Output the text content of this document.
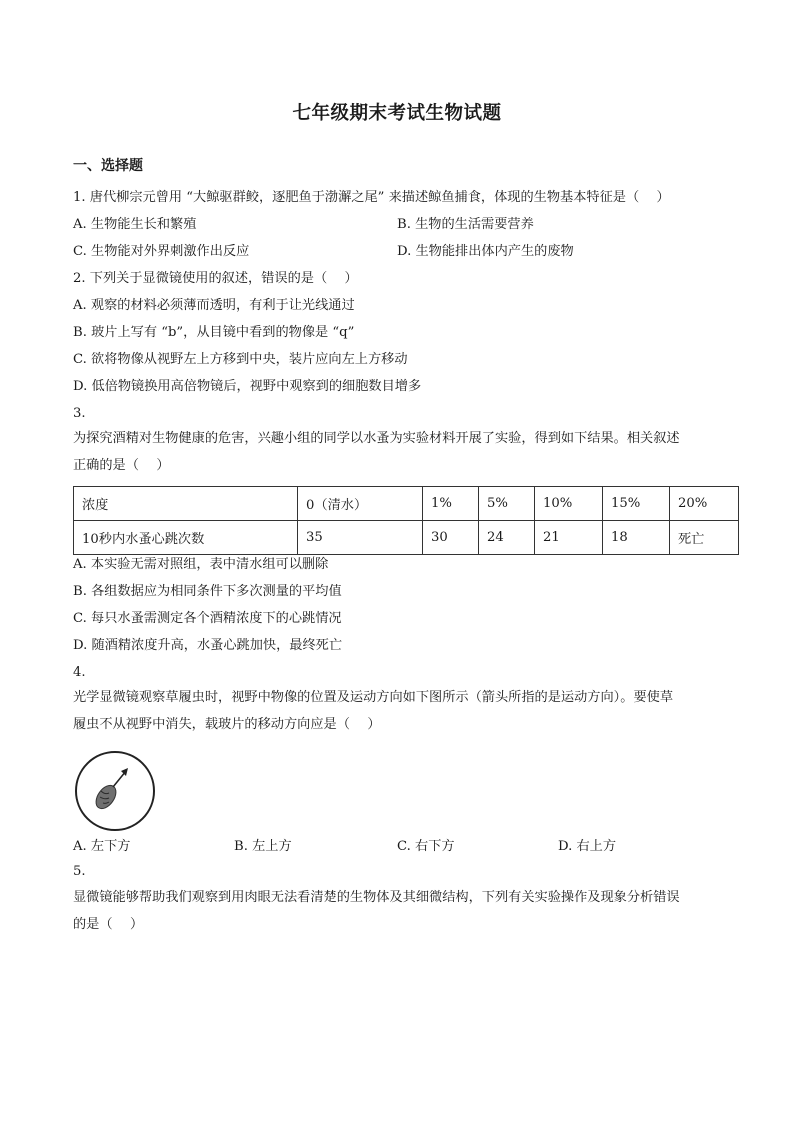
七年级期末考试生物试题
一、选择题
1. 唐代柳宗元曾用 “大鲸驱群鲛，逐肥鱼于渤澥之尾” 来描述鲸鱼捕食，体现的生物基本特征是（　 ）
A. 生物能生长和繁殖	B. 生物的生活需要营养
C. 生物能对外界刺激作出反应	D. 生物能排出体内产生的废物
2. 下列关于显微镜使用的叙述，错误的是（　 ）
A. 观察的材料必须薄而透明，有利于让光线通过
B. 玻片上写有 “b”，从目镜中看到的物像是 “q”
C. 欲将物像从视野左上方移到中央，装片应向左上方移动
D. 低倍物镜换用高倍物镜后，视野中观察到的细胞数目增多
3.
为探究酒精对生物健康的危害，兴趣小组的同学以水蚤为实验材料开展了实验，得到如下结果。相关叙述
正确的是（　 ）
浓度	0（清水）	1%	5%	10%	15%	20%
10秒内水蚤心跳次数	35	30	24	21	18	死亡
A. 本实验无需对照组，表中清水组可以删除
B. 各组数据应为相同条件下多次测量的平均值
C. 每只水蚤需测定各个酒精浓度下的心跳情况
D. 随酒精浓度升高，水蚤心跳加快，最终死亡
4.
光学显微镜观察草履虫时，视野中物像的位置及运动方向如下图所示（箭头所指的是运动方向）。要使草
履虫不从视野中消失，载玻片的移动方向应是（　 ）
A. 左下方	B. 左上方	C. 右下方	D. 右上方
5.
显微镜能够帮助我们观察到用肉眼无法看清楚的生物体及其细微结构，下列有关实验操作及现象分析错误
的是（　 ）
